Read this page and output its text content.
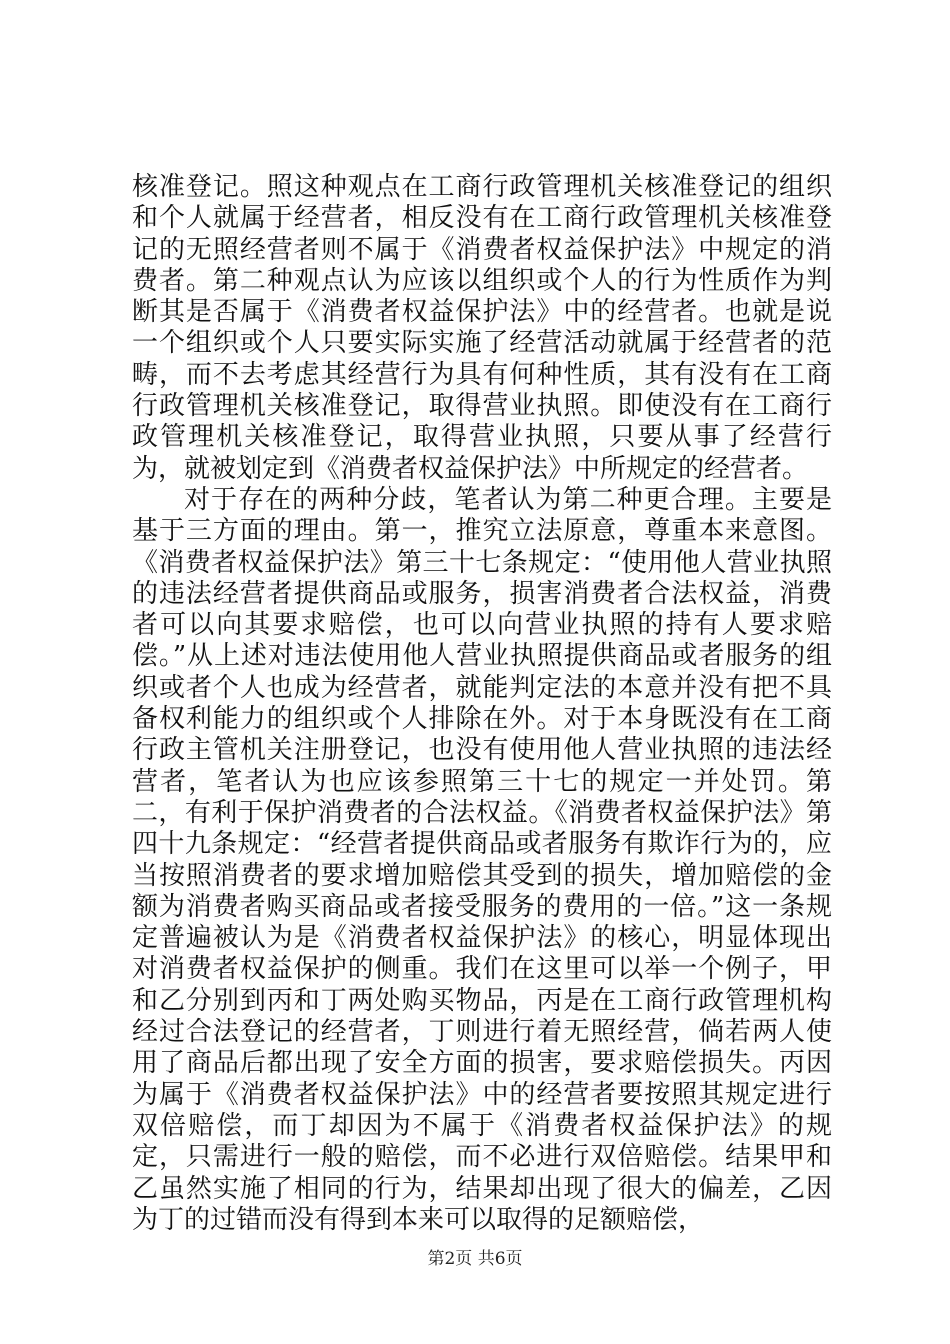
核准登记。照这种观点在工商行政管理机关核准登记的组织和个人就属于经营者，相反没有在工商行政管理机关核准登记的无照经营者则不属于《消费者权益保护法》中规定的消费者。第二种观点认为应该以组织或个人的行为性质作为判断其是否属于《消费者权益保护法》中的经营者。也就是说一个组织或个人只要实际实施了经营活动就属于经营者的范畴，而不去考虑其经营行为具有何种性质，其有没有在工商行政管理机关核准登记，取得营业执照。即使没有在工商行政管理机关核准登记，取得营业执照，只要从事了经营行为，就被划定到《消费者权益保护法》中所规定的经营者。

对于存在的两种分歧，笔者认为第二种更合理。主要是基于三方面的理由。第一，推究立法原意，尊重本来意图。《消费者权益保护法》第三十七条规定：“使用他人营业执照的违法经营者提供商品或服务，损害消费者合法权益，消费者可以向其要求赔偿，也可以向营业执照的持有人要求赔偿。”从上述对违法使用他人营业执照提供商品或者服务的组织或者个人也成为经营者，就能判定法的本意并没有把不具备权利能力的组织或个人排除在外。对于本身既没有在工商行政主管机关注册登记，也没有使用他人营业执照的违法经营者，笔者认为也应该参照第三十七的规定一并处罚。第二，有利于保护消费者的合法权益。《消费者权益保护法》第四十九条规定：“经营者提供商品或者服务有欺诈行为的，应当按照消费者的要求增加赔偿其受到的损失，增加赔偿的金额为消费者购买商品或者接受服务的费用的一倍。”这一条规定普遍被认为是《消费者权益保护法》的核心，明显体现出对消费者权益保护的侧重。我们在这里可以举一个例子，甲和乙分别到丙和丁两处购买物品，丙是在工商行政管理机构经过合法登记的经营者，丁则进行着无照经营，倘若两人使用了商品后都出现了安全方面的损害，要求赔偿损失。丙因为属于《消费者权益保护法》中的经营者要按照其规定进行双倍赔偿，而丁却因为不属于《消费者权益保护法》的规定，只需进行一般的赔偿，而不必进行双倍赔偿。结果甲和乙虽然实施了相同的行为，结果却出现了很大的偏差，乙因为丁的过错而没有得到本来可以取得的足额赔偿，

第2页 共6页
